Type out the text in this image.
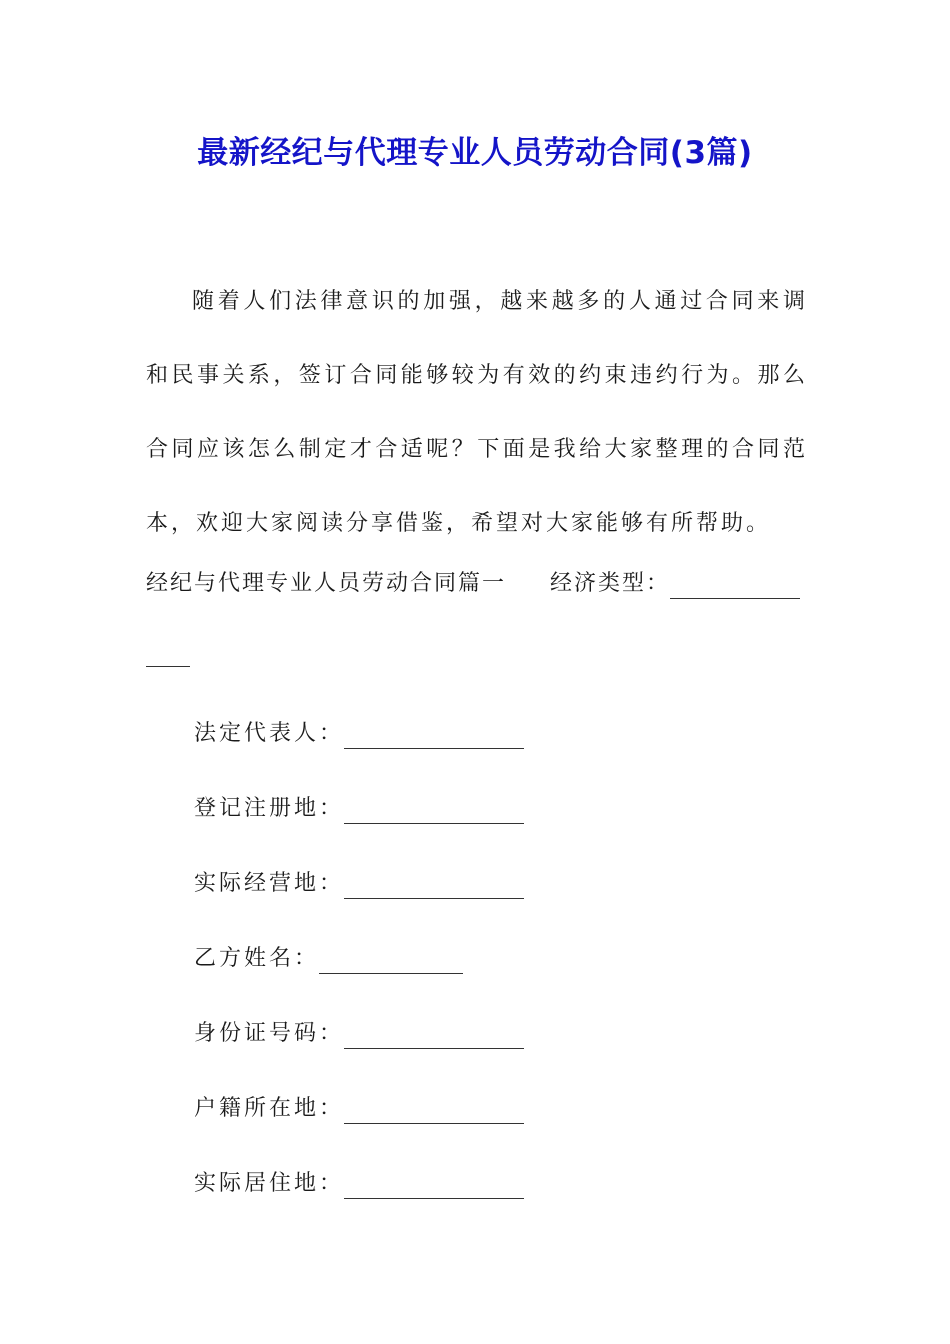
最新经纪与代理专业人员劳动合同(3篇)

随着人们法律意识的加强，越来越多的人通过合同来调和民事关系，签订合同能够较为有效的约束违约行为。那么合同应该怎么制定才合适呢？下面是我给大家整理的合同范本，欢迎大家阅读分享借鉴，希望对大家能够有所帮助。

经纪与代理专业人员劳动合同篇一 经济类型：
法定代表人：
登记注册地：
实际经营地：
乙方姓名：
身份证号码：
户籍所在地：
实际居住地：
